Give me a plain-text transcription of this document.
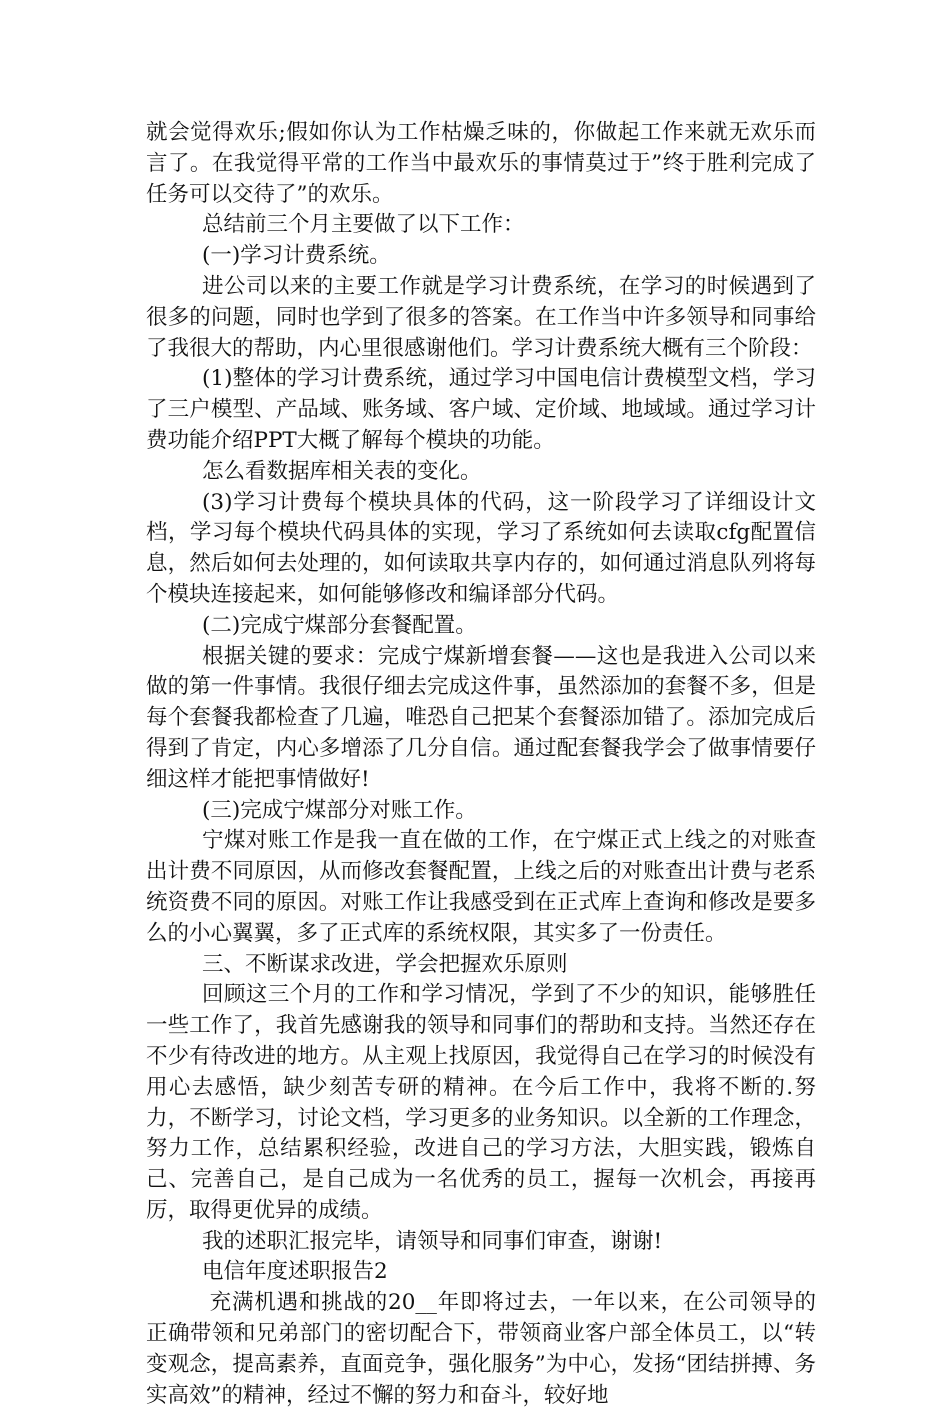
就会觉得欢乐;假如你认为工作枯燥乏味的，你做起工作来就无欢乐而言了。在我觉得平常的工作当中最欢乐的事情莫过于”终于胜利完成了任务可以交待了”的欢乐。

总结前三个月主要做了以下工作：

(一)学习计费系统。

进公司以来的主要工作就是学习计费系统，在学习的时候遇到了很多的问题，同时也学到了很多的答案。在工作当中许多领导和同事给了我很大的帮助，内心里很感谢他们。学习计费系统大概有三个阶段：

(1)整体的学习计费系统，通过学习中国电信计费模型文档，学习了三户模型、产品域、账务域、客户域、定价域、地域域。通过学习计费功能介绍PPT大概了解每个模块的功能。

怎么看数据库相关表的变化。

(3)学习计费每个模块具体的代码，这一阶段学习了详细设计文档，学习每个模块代码具体的实现，学习了系统如何去读取cfg配置信息，然后如何去处理的，如何读取共享内存的，如何通过消息队列将每个模块连接起来，如何能够修改和编译部分代码。

(二)完成宁煤部分套餐配置。

根据关键的要求：完成宁煤新增套餐——这也是我进入公司以来做的第一件事情。我很仔细去完成这件事，虽然添加的套餐不多，但是每个套餐我都检查了几遍，唯恐自己把某个套餐添加错了。添加完成后得到了肯定，内心多增添了几分自信。通过配套餐我学会了做事情要仔细这样才能把事情做好!

(三)完成宁煤部分对账工作。

宁煤对账工作是我一直在做的工作，在宁煤正式上线之的对账查出计费不同原因，从而修改套餐配置，上线之后的对账查出计费与老系统资费不同的原因。对账工作让我感受到在正式库上查询和修改是要多么的小心翼翼，多了正式库的系统权限，其实多了一份责任。

三、不断谋求改进，学会把握欢乐原则

回顾这三个月的工作和学习情况，学到了不少的知识，能够胜任一些工作了，我首先感谢我的领导和同事们的帮助和支持。当然还存在不少有待改进的地方。从主观上找原因，我觉得自己在学习的时候没有用心去感悟，缺少刻苦专研的精神。在今后工作中，我将不断的.努力，不断学习，讨论文档，学习更多的业务知识。以全新的工作理念，努力工作，总结累积经验，改进自己的学习方法，大胆实践，锻炼自己、完善自己，是自己成为一名优秀的员工，握每一次机会，再接再厉，取得更优异的成绩。

我的述职汇报完毕，请领导和同事们审查，谢谢!

电信年度述职报告2

充满机遇和挑战的20__年即将过去，一年以来，在公司领导的正确带领和兄弟部门的密切配合下，带领商业客户部全体员工，以“转变观念，提高素养，直面竞争，强化服务”为中心，发扬“团结拼搏、务实高效”的精神，经过不懈的努力和奋斗，较好地
